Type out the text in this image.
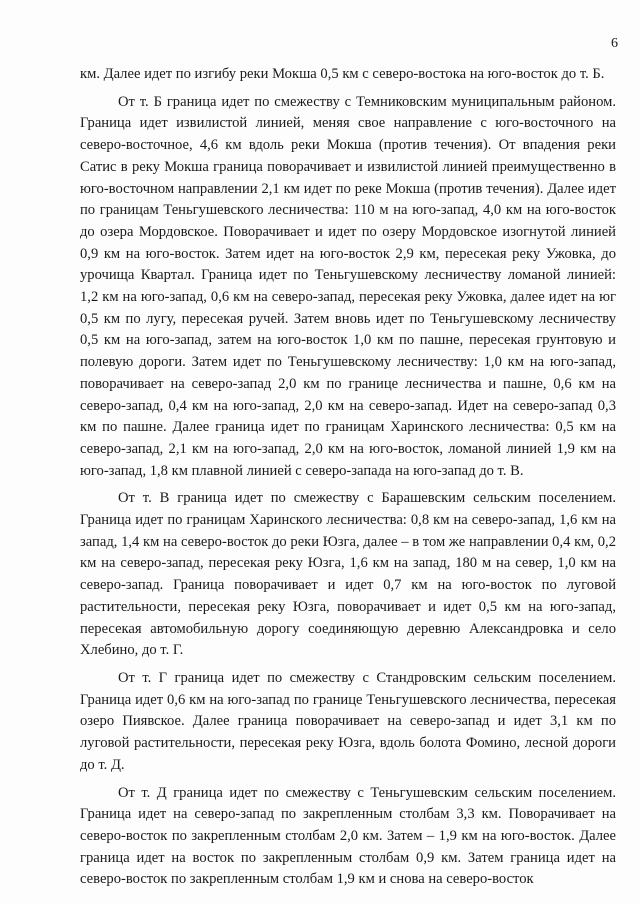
6

км. Далее идет по изгибу реки Мокша 0,5 км с северо-востока на юго-восток до т. Б.

От т. Б граница идет по смежеству с Темниковским муниципальным районом. Граница идет извилистой линией, меняя свое направление с юго-восточного на северо-восточное, 4,6 км вдоль реки Мокша (против течения). От впадения реки Сатис в реку Мокша граница поворачивает и извилистой линией преимущественно в юго-восточном направлении 2,1 км идет по реке Мокша (против течения). Далее идет по границам Теньгушевского лесничества: 110 м на юго-запад, 4,0 км на юго-восток до озера Мордовское. Поворачивает и идет по озеру Мордовское изогнутой линией 0,9 км на юго-восток. Затем идет на юго-восток 2,9 км, пересекая реку Ужовка, до урочища Квартал. Граница идет по Теньгушевскому лесничеству ломаной линией: 1,2 км на юго-запад, 0,6 км на северо-запад, пересекая реку Ужовка, далее идет на юг 0,5 км по лугу, пересекая ручей. Затем вновь идет по Теньгушевскому лесничеству 0,5 км на юго-запад, затем на юго-восток 1,0 км по пашне, пересекая грунтовую и полевую дороги. Затем идет по Теньгушевскому лесничеству: 1,0 км на юго-запад, поворачивает на северо-запад 2,0 км по границе лесничества и пашне, 0,6 км на северо-запад, 0,4 км на юго-запад, 2,0 км на северо-запад. Идет на северо-запад 0,3 км по пашне. Далее граница идет по границам Харинского лесничества: 0,5 км на северо-запад, 2,1 км на юго-запад, 2,0 км на юго-восток, ломаной линией 1,9 км на юго-запад, 1,8 км плавной линией с северо-запада на юго-запад до т. В.

От т. В граница идет по смежеству с Барашевским сельским поселением. Граница идет по границам Харинского лесничества: 0,8 км на северо-запад, 1,6 км на запад, 1,4 км на северо-восток до реки Юзга, далее – в том же направлении 0,4 км, 0,2 км на северо-запад, пересекая реку Юзга, 1,6 км на запад, 180 м на север, 1,0 км на северо-запад. Граница поворачивает и идет 0,7 км на юго-восток по луговой растительности, пересекая реку Юзга, поворачивает и идет 0,5 км на юго-запад, пересекая автомобильную дорогу соединяющую деревню Александровка и село Хлебино, до т. Г.

От т. Г граница идет по смежеству с Стандровским сельским поселением. Граница идет 0,6 км на юго-запад по границе Теньгушевского лесничества, пересекая озеро Пиявское. Далее граница поворачивает на северо-запад и идет 3,1 км по луговой растительности, пересекая реку Юзга, вдоль болота Фомино, лесной дороги до т. Д.

От т. Д граница идет по смежеству с Теньгушевским сельским поселением. Граница идет на северо-запад по закрепленным столбам 3,3 км. Поворачивает на северо-восток по закрепленным столбам 2,0 км. Затем – 1,9 км на юго-восток. Далее граница идет на восток по закрепленным столбам 0,9 км. Затем граница идет на северо-восток по закрепленным столбам 1,9 км и снова на северо-восток
